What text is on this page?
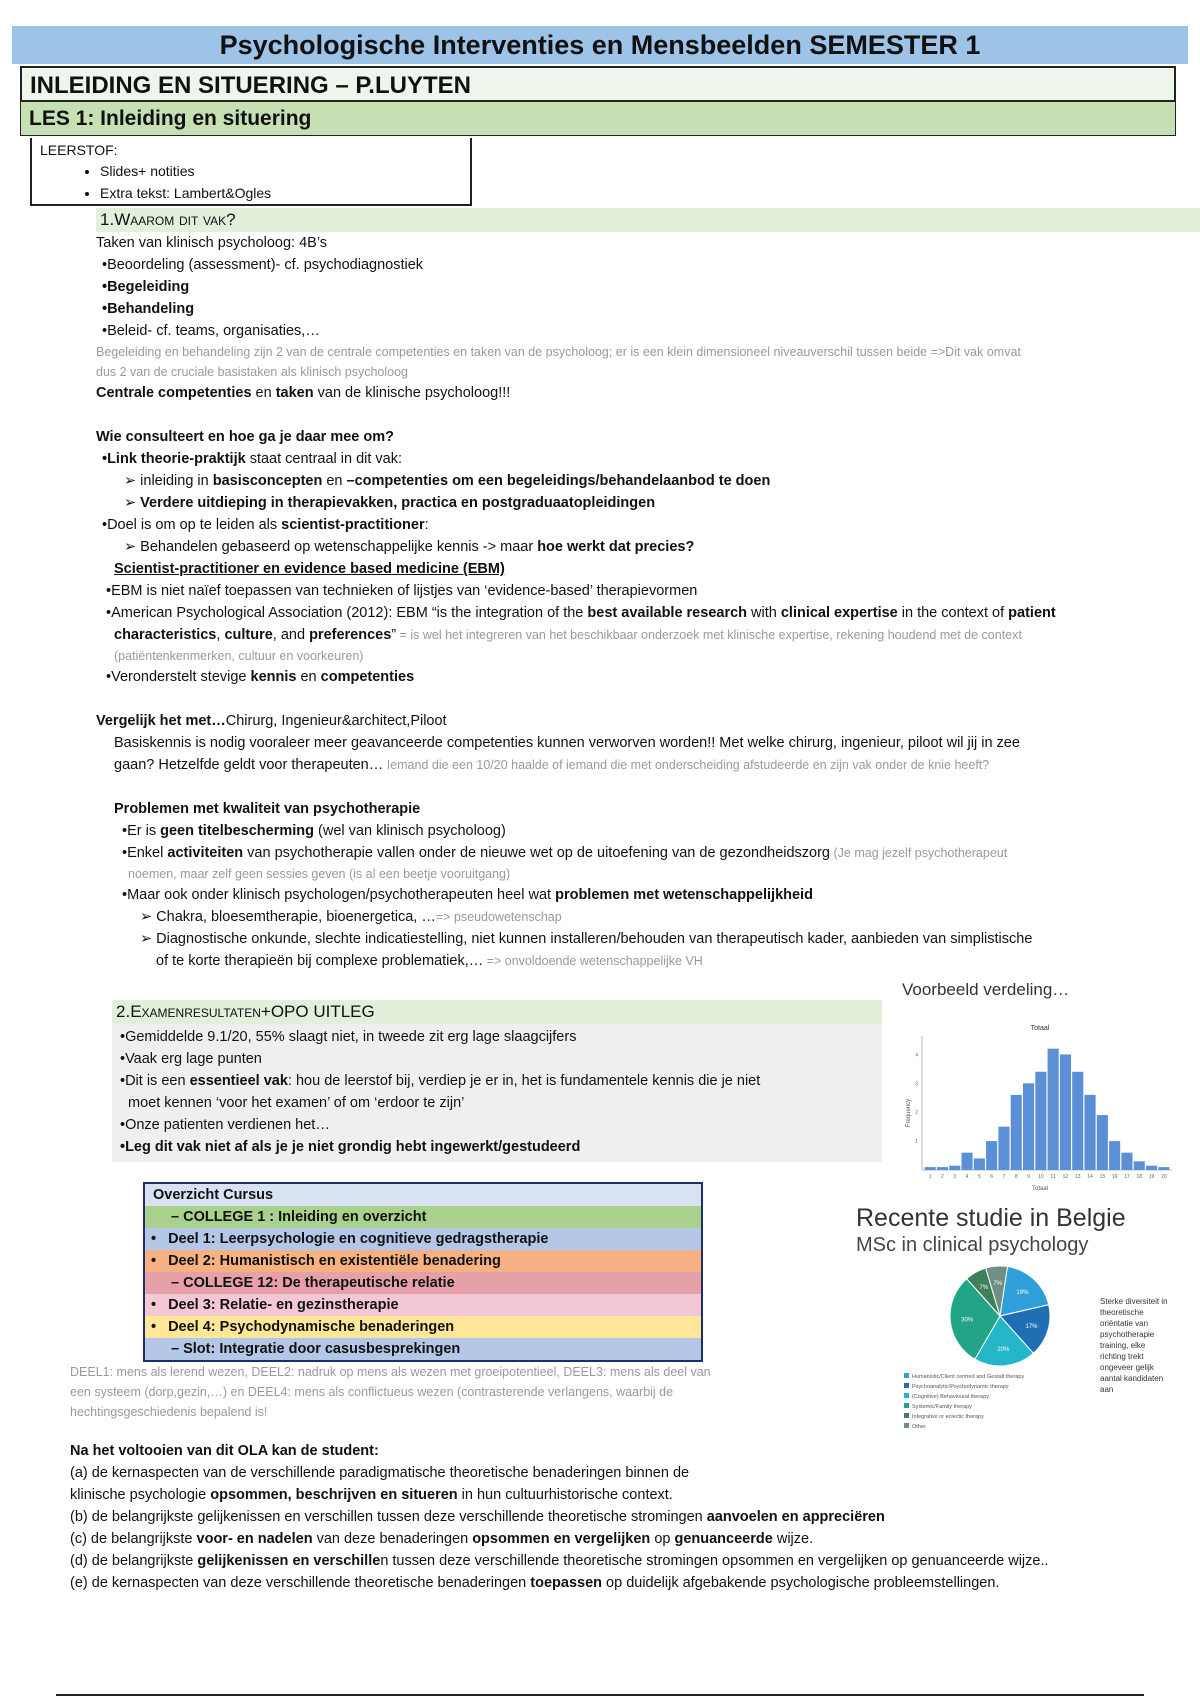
Psychologische Interventies en Mensbeelden SEMESTER 1
INLEIDING EN SITUERING – P.LUYTEN
LES 1: Inleiding en situering
LEERSTOF:
• Slides+ notities
• Extra tekst: Lambert&Ogles
1.Waarom dit vak?
Taken van klinisch psycholoog: 4B’s
•Beoordeling (assessment)- cf. psychodiagnostiek
•Begeleiding
•Behandeling
•Beleid- cf. teams, organisaties,…
Begeleiding en behandeling zijn 2 van de centrale competenties en taken van de psycholoog; er is een klein dimensioneel niveauverschil tussen beide =>Dit vak omvat
dus 2 van de cruciale basistaken als klinisch psycholoog
Centrale competenties en taken van de klinische psycholoog!!!
Wie consulteert en hoe ga je daar mee om?
•Link theorie-praktijk staat centraal in dit vak:
➢ inleiding in basisconcepten en –competenties om een begeleidings/behandelaanbod te doen
➢ Verdere uitdieping in therapievakken, practica en postgraduaatopleidingen
•Doel is om op te leiden als scientist-practitioner:
➢ Behandelen gebaseerd op wetenschappelijke kennis -> maar hoe werkt dat precies?
Scientist-practitioner en evidence based medicine (EBM)
•EBM is niet naïef toepassen van technieken of lijstjes van ‘evidence-based’ therapievormen
•American Psychological Association (2012): EBM “is the integration of the best available research with clinical expertise in the context of patient
characteristics, culture, and preferences” = is wel het integreren van het beschikbaar onderzoek met klinische expertise, rekening houdend met de context
(patiëntenkenmerken, cultuur en voorkeuren)
•Veronderstelt stevige kennis en competenties
Vergelijk het met…Chirurg, Ingenieur&architect,Piloot
Basiskennis is nodig vooraleer meer geavanceerde competenties kunnen verworven worden!! Met welke chirurg, ingenieur, piloot wil jij in zee
gaan? Hetzelfde geldt voor therapeuten… Iemand die een 10/20 haalde of iemand die met onderscheiding afstudeerde en zijn vak onder de knie heeft?
Problemen met kwaliteit van psychotherapie
•Er is geen titelbescherming (wel van klinisch psycholoog)
•Enkel activiteiten van psychotherapie vallen onder de nieuwe wet op de uitoefening van de gezondheidszorg (Je mag jezelf psychotherapeut
noemen, maar zelf geen sessies geven (is al een beetje vooruitgang)
•Maar ook onder klinisch psychologen/psychotherapeuten heel wat problemen met wetenschappelijkheid
➢ Chakra, bloesemtherapie, bioenergetica, …=> pseudowetenschap
➢ Diagnostische onkunde, slechte indicatiestelling, niet kunnen installeren/behouden van therapeutisch kader, aanbieden van simplistische
of te korte therapieën bij complexe problematiek,… => onvoldoende wetenschappelijke VH
2.Examenresultaten+OPO UITLEG
•Gemiddelde 9.1/20, 55% slaagt niet, in tweede zit erg lage slaagcijfers
•Vaak erg lage punten
•Dit is een essentieel vak: hou de leerstof bij, verdiep je er in, het is fundamentele kennis die je niet
moet kennen ‘voor het examen’ of om ‘erdoor te zijn’
•Onze patienten verdienen het…
•Leg dit vak niet af als je je niet grondig hebt ingewerkt/gestudeerd
Voorbeeld verdeling…
Totaal
Frequency
Totaal
1
2
3
4
1 2 3 4 5 6 7 8 9 10 11 12 13 14 15 16 17 18 19 20
Overzicht Cursus
– COLLEGE 1 : Inleiding en overzicht
• Deel 1: Leerpsychologie en cognitieve gedragstherapie
• Deel 2: Humanistisch en existentiële benadering
– COLLEGE 12: De therapeutische relatie
• Deel 3: Relatie- en gezinstherapie
• Deel 4: Psychodynamische benaderingen
– Slot: Integratie door casusbesprekingen
DEEL1: mens als lerend wezen, DEEL2: nadruk op mens als wezen met groeipotentieel, DEEL3: mens als deel van
een systeem (dorp,gezin,…) en DEEL4: mens als conflictueus wezen (contrasterende verlangens, waarbij de
hechtingsgeschiedenis bepalend is!
Recente studie in Belgie
MSc in clinical psychology
19%
17%
20%
30%
7%
7%
Humanistic/Client centred and Gestalt therapy
Psychoanalytic/Psychodynamic therapy
(Cognitive) Behavioural therapy
Systemic/Family therapy
Integrative or eclectic therapy
Other
Sterke diversiteit in
theoretische
oriëntatie van
psychotherapie
training, elke
richting trekt
ongeveer gelijk
aantal kandidaten
aan
Na het voltooien van dit OLA kan de student:
(a) de kernaspecten van de verschillende paradigmatische theoretische benaderingen binnen de
klinische psychologie opsommen, beschrijven en situeren in hun cultuurhistorische context.
(b) de belangrijkste gelijkenissen en verschillen tussen deze verschillende theoretische stromingen aanvoelen en appreciëren
(c) de belangrijkste voor- en nadelen van deze benaderingen opsommen en vergelijken op genuanceerde wijze.
(d) de belangrijkste gelijkenissen en verschillen tussen deze verschillende theoretische stromingen opsommen en vergelijken op genuanceerde wijze..
(e) de kernaspecten van deze verschillende theoretische benaderingen toepassen op duidelijk afgebakende psychologische probleemstellingen.
